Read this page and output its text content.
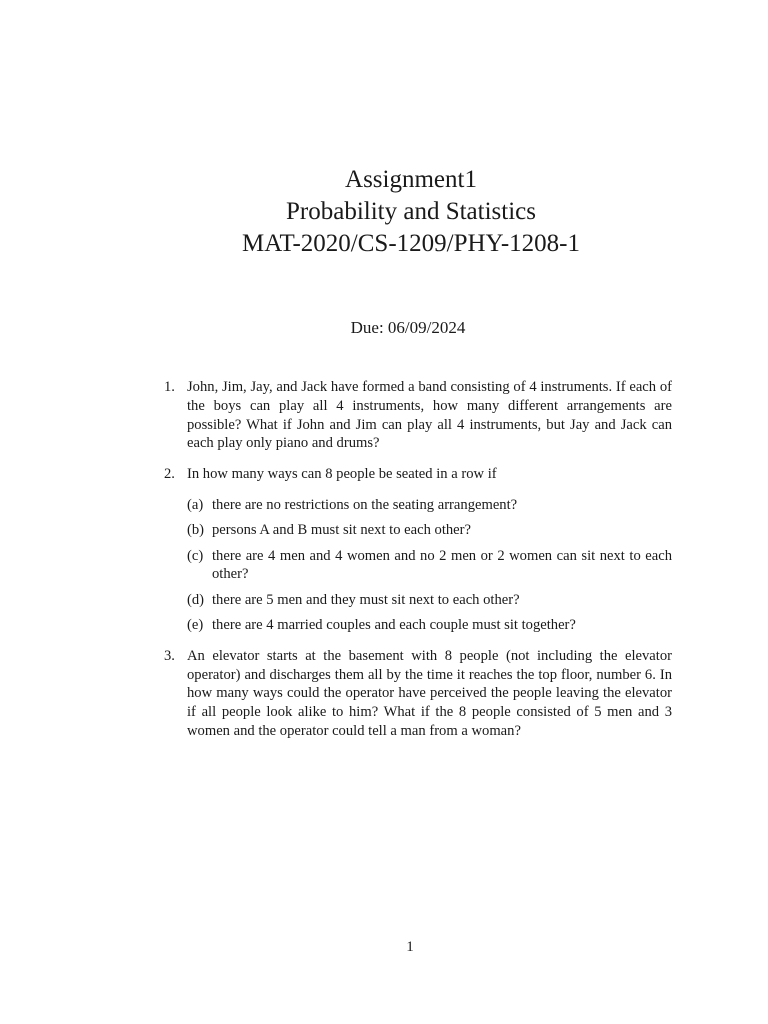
Assignment1
Probability and Statistics
MAT-2020/CS-1209/PHY-1208-1
Due: 06/09/2024
1. John, Jim, Jay, and Jack have formed a band consisting of 4 instruments. If each of the boys can play all 4 instruments, how many different arrangements are possible? What if John and Jim can play all 4 instruments, but Jay and Jack can each play only piano and drums?
2. In how many ways can 8 people be seated in a row if
(a) there are no restrictions on the seating arrangement?
(b) persons A and B must sit next to each other?
(c) there are 4 men and 4 women and no 2 men or 2 women can sit next to each other?
(d) there are 5 men and they must sit next to each other?
(e) there are 4 married couples and each couple must sit together?
3. An elevator starts at the basement with 8 people (not including the elevator operator) and discharges them all by the time it reaches the top floor, number 6. In how many ways could the operator have perceived the people leaving the elevator if all people look alike to him? What if the 8 people consisted of 5 men and 3 women and the operator could tell a man from a woman?
1
